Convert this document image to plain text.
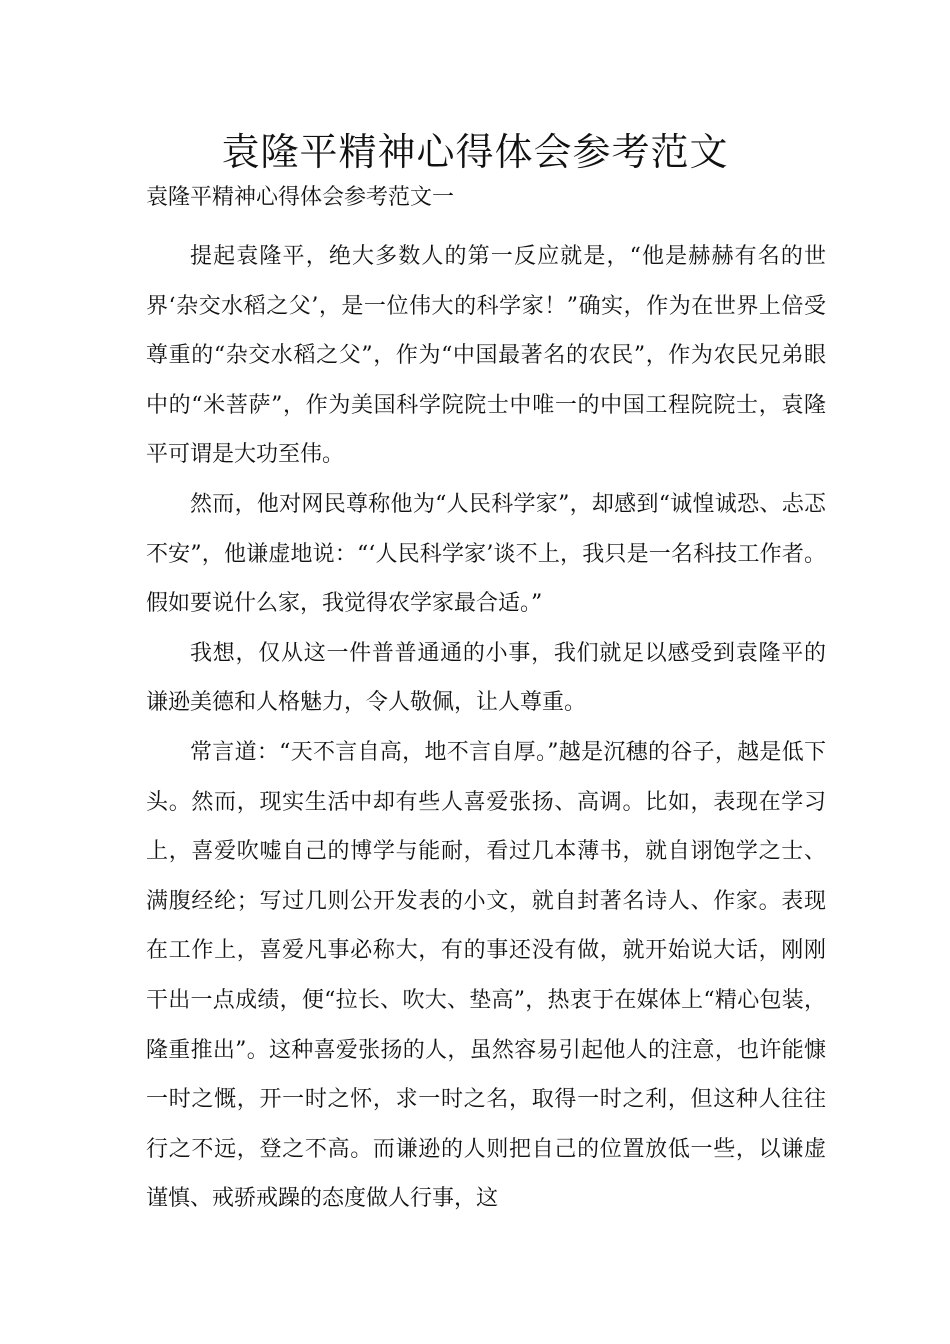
袁隆平精神心得体会参考范文

袁隆平精神心得体会参考范文一

提起袁隆平，绝大多数人的第一反应就是，“他是赫赫有名的世界‘杂交水稻之父’，是一位伟大的科学家！”确实，作为在世界上倍受尊重的“杂交水稻之父”，作为“中国最著名的农民”，作为农民兄弟眼中的“米菩萨”，作为美国科学院院士中唯一的中国工程院院士，袁隆平可谓是大功至伟。

然而，他对网民尊称他为“人民科学家”，却感到“诚惶诚恐、忐忑不安”，他谦虚地说：“‘人民科学家’谈不上，我只是一名科技工作者。假如要说什么家，我觉得农学家最合适。”

我想，仅从这一件普普通通的小事，我们就足以感受到袁隆平的谦逊美德和人格魅力，令人敬佩，让人尊重。

常言道：“天不言自高，地不言自厚。”越是沉穗的谷子，越是低下头。然而，现实生活中却有些人喜爱张扬、高调。比如，表现在学习上，喜爱吹嘘自己的博学与能耐，看过几本薄书，就自诩饱学之士、满腹经纶；写过几则公开发表的小文，就自封著名诗人、作家。表现在工作上，喜爱凡事必称大，有的事还没有做，就开始说大话，刚刚干出一点成绩，便“拉长、吹大、垫高”，热衷于在媒体上“精心包装，隆重推出”。这种喜爱张扬的人，虽然容易引起他人的注意，也许能慷一时之慨，开一时之怀，求一时之名，取得一时之利，但这种人往往行之不远，登之不高。而谦逊的人则把自己的位置放低一些，以谦虚谨慎、戒骄戒躁的态度做人行事，这
